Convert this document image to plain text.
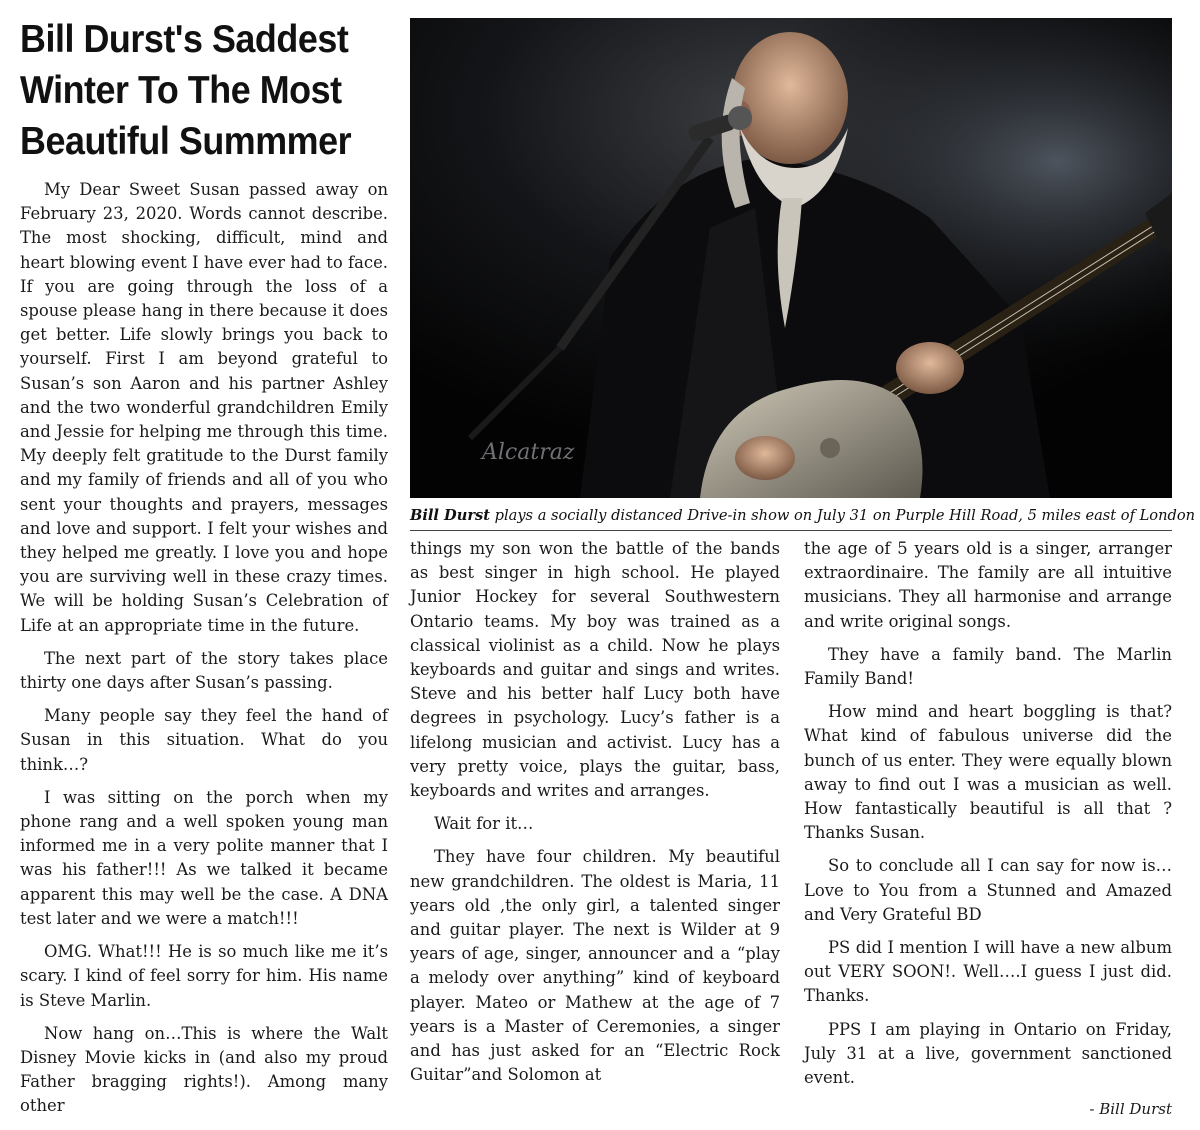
Bill Durst's Saddest Winter To The Most Beautiful Summmer
Alcatraz
Bill Durst plays a socially distanced Drive-in show on July 31 on Purple Hill Road, 5 miles east of London

My Dear Sweet Susan passed away on February 23, 2020. Words cannot describe. The most shocking, difficult, mind and heart blowing event I have ever had to face. If you are going through the loss of a spouse please hang in there because it does get better. Life slowly brings you back to yourself. First I am beyond grateful to Susan’s son Aaron and his partner Ashley and the two wonderful grandchildren Emily and Jessie for helping me through this time. My deeply felt gratitude to the Durst family and my family of friends and all of you who sent your thoughts and prayers, messages and love and support. I felt your wishes and they helped me greatly. I love you and hope you are surviving well in these crazy times. We will be holding Susan’s Celebration of Life at an appropriate time in the future.

The next part of the story takes place thirty one days after Susan’s passing.

Many people say they feel the hand of Susan in this situation. What do you think…?

I was sitting on the porch when my phone rang and a well spoken young man informed me in a very polite manner that I was his father!!! As we talked it became apparent this may well be the case. A DNA test later and we were a match!!!

OMG. What!!! He is so much like me it’s scary. I kind of feel sorry for him. His name is Steve Marlin.

Now hang on…This is where the Walt Disney Movie kicks in (and also my proud Father bragging rights!). Among many other

things my son won the battle of the bands as best singer in high school. He played Junior Hockey for several Southwestern Ontario teams. My boy was trained as a classical violinist as a child. Now he plays keyboards and guitar and sings and writes. Steve and his better half Lucy both have degrees in psychology. Lucy’s father is a lifelong musician and activist. Lucy has a very pretty voice, plays the guitar, bass, keyboards and writes and arranges.

Wait for it…

They have four children. My beautiful new grandchildren. The oldest is Maria, 11 years old ,the only girl, a talented singer and guitar player. The next is Wilder at 9 years of age, singer, announcer and a “play a melody over anything” kind of keyboard player. Mateo or Mathew at the age of 7 years is a Master of Ceremonies, a singer and has just asked for an “Electric Rock Guitar”and Solomon at

the age of 5 years old is a singer, arranger extraordinaire. The family are all intuitive musicians. They all harmonise and arrange and write original songs.

They have a family band. The Marlin Family Band!

How mind and heart boggling is that? What kind of fabulous universe did the bunch of us enter. They were equally blown away to find out I was a musician as well. How fantastically beautiful is all that ? Thanks Susan.

So to conclude all I can say for now is… Love to You from a Stunned and Amazed and Very Grateful BD

PS did I mention I will have a new album out VERY SOON!. Well….I guess I just did. Thanks.

PPS I am playing in Ontario on Friday, July 31 at a live, government sanctioned event.

- Bill Durst
